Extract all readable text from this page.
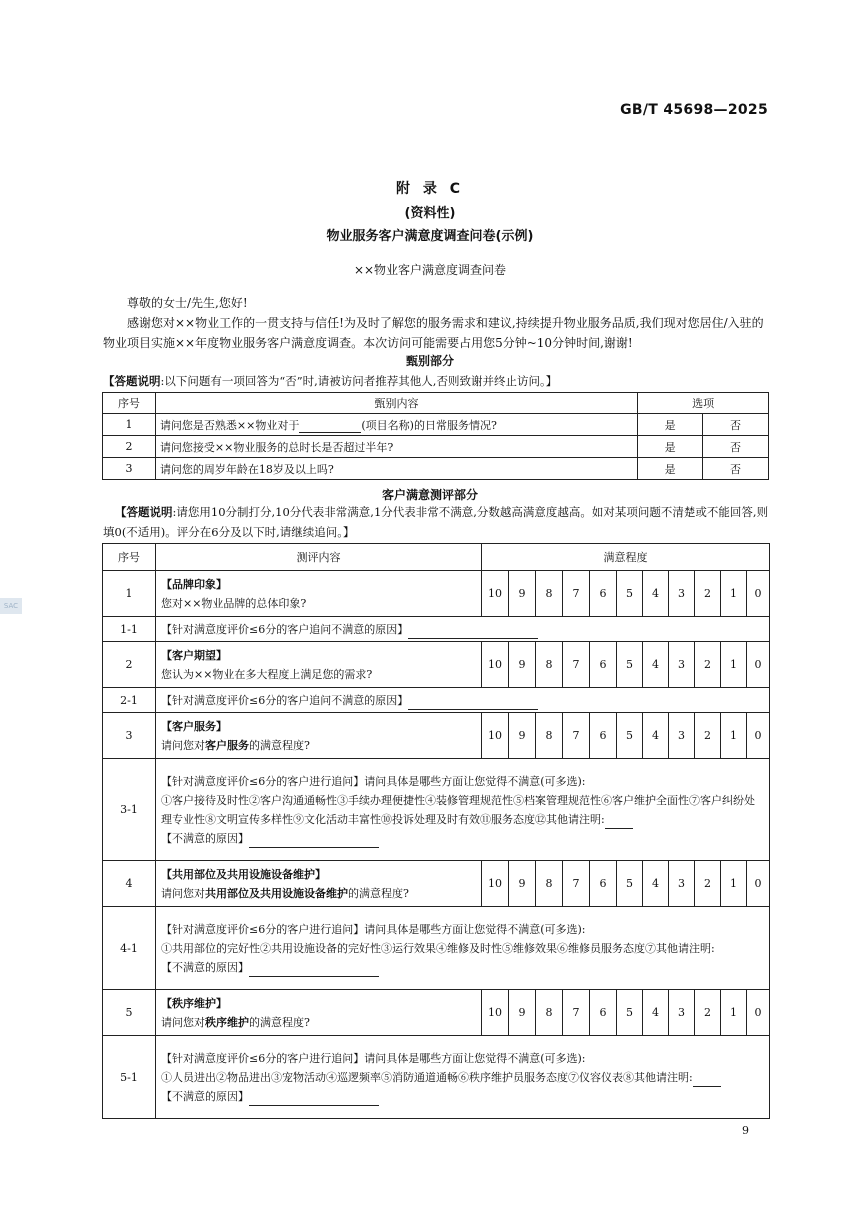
GB/T 45698—2025
SAC
附 录 C
(资料性)
物业服务客户满意度调查问卷(示例)
××物业客户满意度调查问卷
尊敬的女士/先生,您好!
感谢您对××物业工作的一贯支持与信任!为及时了解您的服务需求和建议,持续提升物业服务品质,我们现对您居住/入驻的物业项目实施××年度物业服务客户满意度调查。本次访问可能需要占用您5分钟~10分钟时间,谢谢!
甄别部分
【答题说明:以下问题有一项回答为“否”时,请被访问者推荐其他人,否则致谢并终止访问。】
序号	甄别内容	选项	
1	请问您是否熟悉××物业对于 (项目名称)的日常服务情况?	是	否
2	请问您接受××物业服务的总时长是否超过半年?	是	否
3	请问您的周岁年龄在18岁及以上吗?	是	否
客户满意测评部分
【答题说明:请您用10分制打分,10分代表非常满意,1分代表非常不满意,分数越高满意度越高。如对某项问题不清楚或不能回答,则填0(不适用)。评分在6分及以下时,请继续追问。】
序号	测评内容	满意程度										
1	【品牌印象】
您对××物业品牌的总体印象?	10	9	8	7	6	5	4	3	2	1	0
1-1	【针对满意度评价≤6分的客户追问不满意的原因】											
2	【客户期望】
您认为××物业在多大程度上满足您的需求?	10	9	8	7	6	5	4	3	2	1	0
2-1	【针对满意度评价≤6分的客户追问不满意的原因】											
3	【客户服务】
请问您对客户服务的满意程度?	10	9	8	7	6	5	4	3	2	1	0
3-1	【针对满意度评价≤6分的客户进行追问】请问具体是哪些方面让您觉得不满意(可多选):
①客户接待及时性②客户沟通通畅性③手续办理便捷性④装修管理规范性⑤档案管理规范性⑥客户维护全面性⑦客户纠纷处理专业性⑧文明宣传多样性⑨文化活动丰富性⑩投诉处理及时有效⑪服务态度⑫其他请注明:
【不满意的原因】											
4	【共用部位及共用设施设备维护】
请问您对共用部位及共用设施设备维护的满意程度?	10	9	8	7	6	5	4	3	2	1	0
4-1	【针对满意度评价≤6分的客户进行追问】请问具体是哪些方面让您觉得不满意(可多选):
①共用部位的完好性②共用设施设备的完好性③运行效果④维修及时性⑤维修效果⑥维修员服务态度⑦其他请注明:
【不满意的原因】											
5	【秩序维护】
请问您对秩序维护的满意程度?	10	9	8	7	6	5	4	3	2	1	0
5-1	【针对满意度评价≤6分的客户进行追问】请问具体是哪些方面让您觉得不满意(可多选):
①人员进出②物品进出③宠物活动④巡逻频率⑤消防通道通畅⑥秩序维护员服务态度⑦仪容仪表⑧其他请注明:
【不满意的原因】											
9
